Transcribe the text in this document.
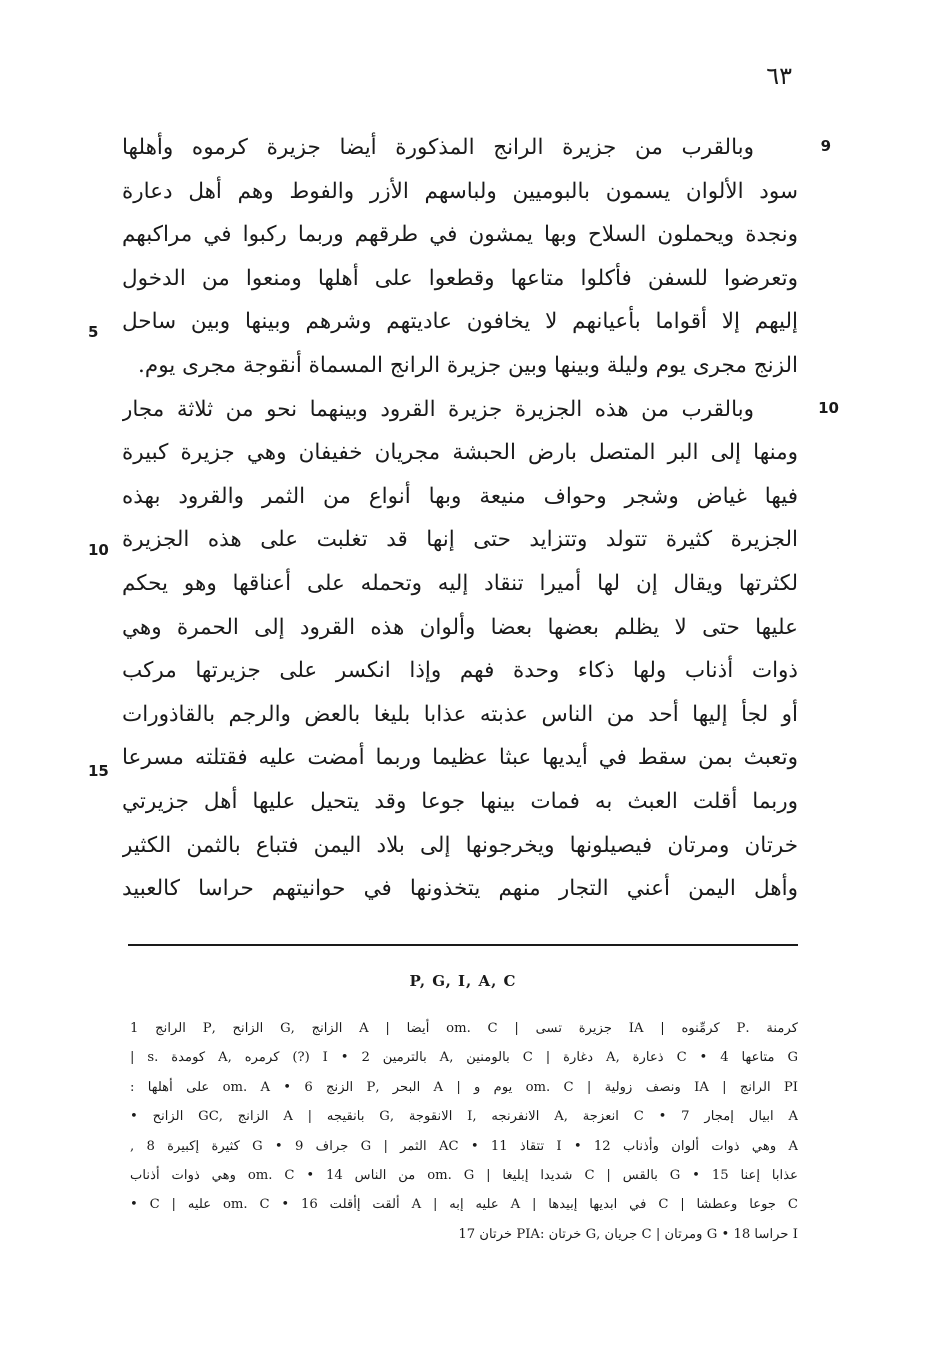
٦٣
9
5
10
10
15
وبالقرب من جزيرة الرانج المذكورة أيضا جزيرة كرموه وأهلها
سود الألوان يسمون بالبوميين ولباسهم الأزر والفوط وهم أهل دعارة
ونجدة ويحملون السلاح وبها يمشون في طرقهم وربما ركبوا في مراكبهم
وتعرضوا للسفن فأكلوا متاعها وقطعوا على أهلها ومنعوا من الدخول
إليهم إلا أقواما بأعيانهم لا يخافون عاديتهم وشرهم وبينها وبين ساحل
الزنج مجرى يوم وليلة وبينها وبين جزيرة الرانج المسماة أنقوجة مجرى يوم.
وبالقرب من هذه الجزيرة جزيرة القرود وبينهما نحو من ثلاثة مجار
ومنها إلى البر المتصل بارض الحبشة مجريان خفيفان وهي جزيرة كبيرة
فيها غياض وشجر وحواف منيعة وبها أنواع من الثمر والقرود بهذه
الجزيرة كثيرة تتولد وتتزايد حتى إنها قد تغلبت على هذه الجزيرة
لكثرتها ويقال إن لها أميرا تنقاد إليه وتحمله على أعناقها وهو يحكم
عليها حتى لا يظلم بعضها بعضا وألوان هذه القرود إلى الحمرة وهي
ذوات أذناب ولها ذكاء وحدة فهم وإذا انكسر على جزيرتها مركب
أو لجأ إليها أحد من الناس عذبته عذابا بليغا بالعض والرجم بالقاذورات
وتعبث بمن سقط في أيديها عبثا عظيما وربما أمضت عليه فقتلته مسرعا
وربما أقلت العبث به فمات بينها جوعا وقد يتحيل عليها أهل جزيرتي
خرتان ومرتان فيصيلونها ويخرجونها إلى بلاد اليمن فتباع بالثمن الكثير
وأهل اليمن أعني التجار منهم يتخذونها في حوانيتهم حراسا كالعبيد
P, G, I, A, C
كرمنة .P كرمِّنوه | IA جزيرة تسى | om. C أيضا | A الزانج ,G الزانح ,P الرانج 1
G متاعها 4 • C ذعارة ,A دغارة | C بالومنين ,A بالترمين 2 • I (?) كرمره ,A كومدة .s |
PI الرانج | IA ونصف زولية | om. C يوم و | A البحر ,P الزنج 6 • om. A على أهلها :
A ابيال إمجار 7 • C انعزجة ,A الانفرنجه ,I الانقوجة ,G بانقيجه | A الزانج ,GC الزانح •
A وهي ذوات ألوان وأذناب 12 • I تتقاذ 11 • AC الثمر | G جراف 9 • G كثيرة إكبيرة 8 ,
عذابا إعنا 15 • G بالقس | C شديدا إبليغا | om. G من الناس 14 • om. C وهي ذوات أذناب
C جوعا وعطشا | C في ابديها إبيدها | A عليه إبه | A ألقت إأقلت 16 • om. C عليه | C •
I حراسا 18 • G ومرتان | C جريان ,G خرتان :PIA خرتان 17
